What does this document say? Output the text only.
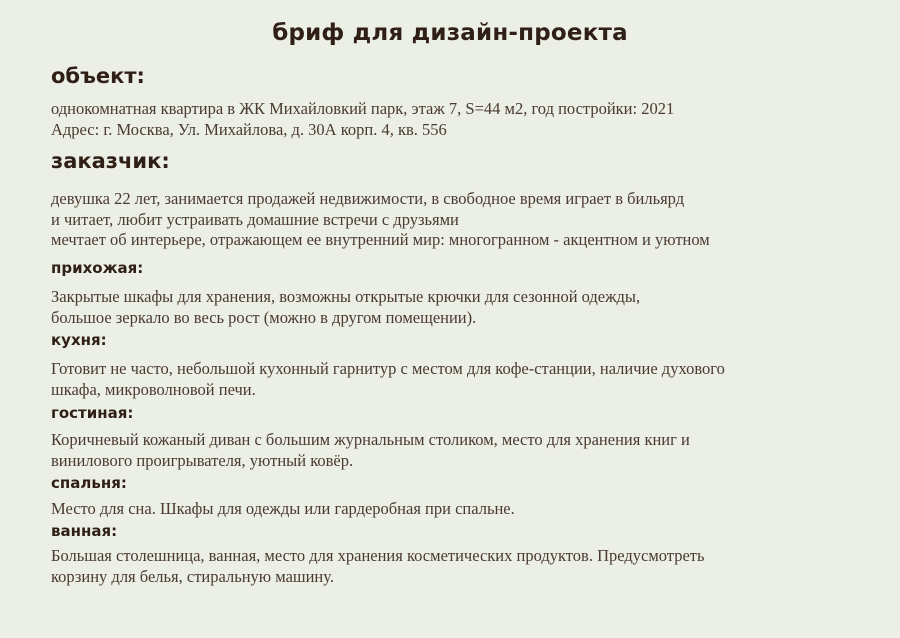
бриф для дизайн-проекта
объект:
однокомнатная квартира в ЖК Михайловкий парк, этаж 7, S=44 м2, год постройки: 2021
Адрес: г. Москва, Ул. Михайлова, д. 30А корп. 4, кв. 556
заказчик:
девушка 22 лет, занимается продажей недвижимости, в свободное время играет в бильярд
и читает, любит устраивать домашние встречи с друзьями
мечтает об интерьере, отражающем ее внутренний мир: многогранном - акцентном и уютном
прихожая:
Закрытые шкафы для хранения, возможны открытые крючки для сезонной одежды,
большое зеркало во весь рост (можно в другом помещении).
кухня:
Готовит не часто, небольшой кухонный гарнитур с местом для кофе-станции, наличие духового
шкафа, микроволновой печи.
гостиная:
Коричневый кожаный диван с большим журнальным столиком, место для хранения книг и
винилового проигрывателя, уютный ковёр.
спальня:
Место для сна. Шкафы для одежды или гардеробная при спальне.
ванная:
Большая столешница, ванная, место для хранения косметических продуктов. Предусмотреть
корзину для белья, стиральную машину.
